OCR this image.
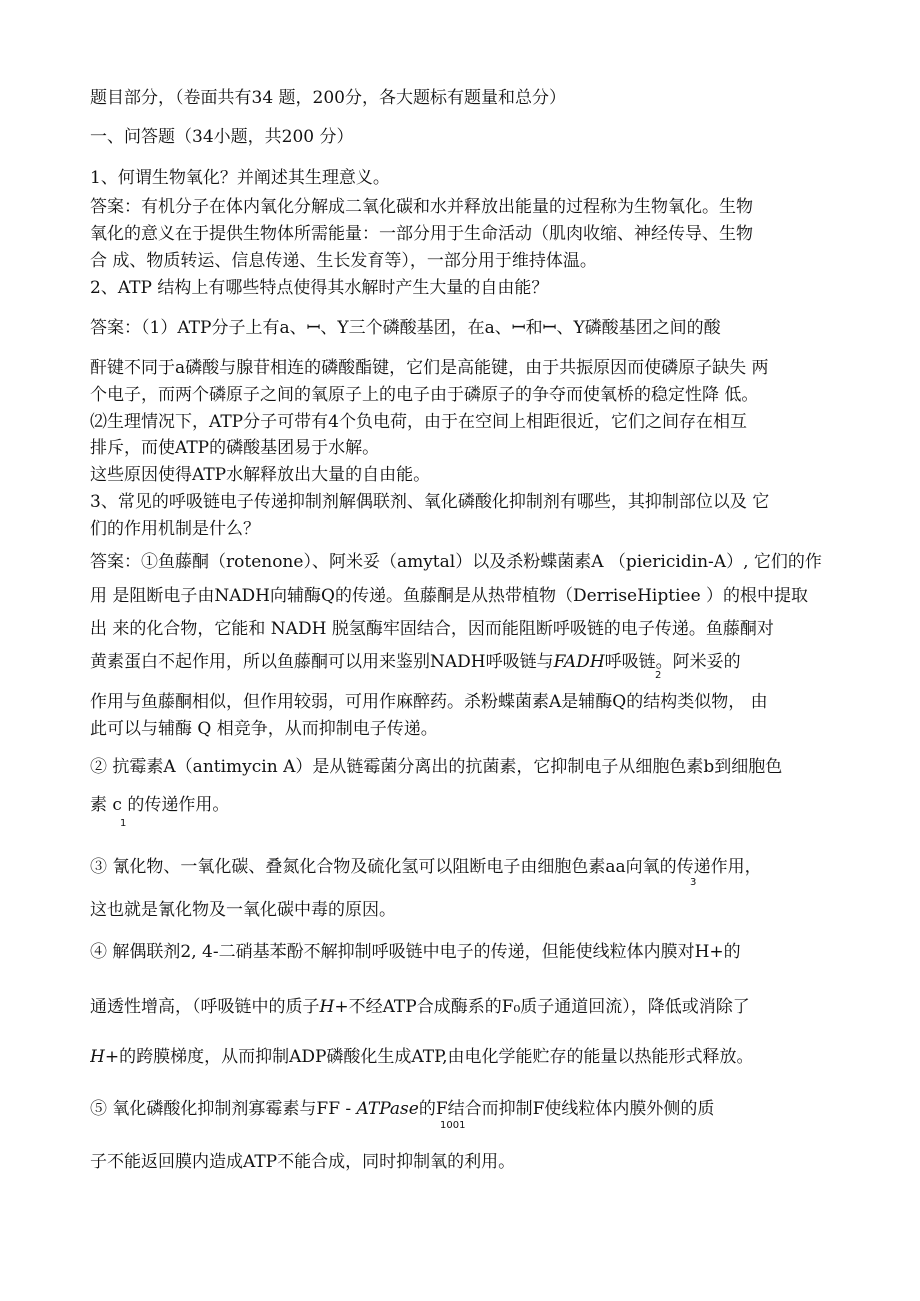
题目部分，（卷面共有34 题，200分，各大题标有题量和总分）
一、问答题（34小题，共200 分）
1、何谓生物氧化？并阐述其生理意义。
答案：有机分子在体内氧化分解成二氧化碳和水并释放出能量的过程称为生物氧化。生物
氧化的意义在于提供生物体所需能量：一部分用于生命活动（肌肉收缩、神经传导、生物
合 成、物质转运、信息传递、生长发育等），一部分用于维持体温。
2、ATP 结构上有哪些特点使得其水解时产生大量的自由能？
答案：（1）ATP分子上有a、ꟷ、Y三个磷酸基团，在a、ꟷ和ꟷ、Y磷酸基团之间的酸
酐键不同于a磷酸与腺苷相连的磷酸酯键，它们是高能键，由于共振原因而使磷原子缺失 两
个电子，而两个磷原子之间的氧原子上的电子由于磷原子的争夺而使氧桥的稳定性降 低。
⑵生理情况下，ATP分子可带有4个负电荷，由于在空间上相距很近，它们之间存在相互
排斥，而使ATP的磷酸基团易于水解。
这些原因使得ATP水解释放出大量的自由能。
3、常见的呼吸链电子传递抑制剂解偶联剂、氧化磷酸化抑制剂有哪些，其抑制部位以及 它
们的作用机制是什么？
答案：①鱼藤酮（rotenone）、阿米妥（amytal）以及杀粉蝶菌素A （piericidin-A）, 它们的作
用 是阻断电子由NADH向辅酶Q的传递。鱼藤酮是从热带植物（DerriseHiptiee ）的根中提取
出 来的化合物，它能和 NADH 脱氢酶牢固结合，因而能阻断呼吸链的电子传递。鱼藤酮对
黄素蛋白不起作用，所以鱼藤酮可以用来鉴别NADH呼吸链与FADH呼吸链。阿米妥的
2
作用与鱼藤酮相似，但作用较弱，可用作麻醉药。杀粉蝶菌素A是辅酶Q的结构类似物， 由
此可以与辅酶 Q 相竞争，从而抑制电子传递。
② 抗霉素A（antimycin A）是从链霉菌分离出的抗菌素，它抑制电子从细胞色素b到细胞色
素 c 的传递作用。
1
③ 氰化物、一氧化碳、叠氮化合物及硫化氢可以阻断电子由细胞色素aa向氧的传递作用，
3
这也就是氰化物及一氧化碳中毒的原因。
④ 解偶联剂2, 4-二硝基苯酚不解抑制呼吸链中电子的传递，但能使线粒体内膜对H+的
通透性增高，（呼吸链中的质子H+不经ATP合成酶系的F₀质子通道回流），降低或消除了
H+的跨膜梯度，从而抑制ADP磷酸化生成ATP,由电化学能贮存的能量以热能形式释放。
⑤ 氧化磷酸化抑制剂寡霉素与FF - ATPase的F结合而抑制F使线粒体内膜外侧的质
1001
子不能返回膜内造成ATP不能合成，同时抑制氧的利用。
